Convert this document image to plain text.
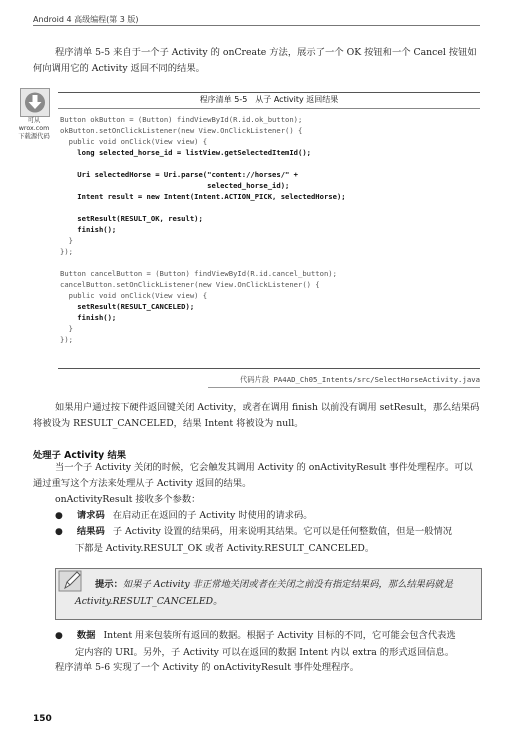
Android 4 高级编程(第 3 版)
程序清单 5-5 来自于一个子 Activity 的 onCreate 方法，展示了一个 OK 按钮和一个 Cancel 按钮如何向调用它的 Activity 返回不同的结果。
可从
wrox.com
下载源代码
程序清单 5-5　从子 Activity 返回结果
Button okButton = (Button) findViewById(R.id.ok_button);
okButton.setOnClickListener(new View.OnClickListener() {
public void onClick(View view) {
long selected_horse_id = listView.getSelectedItemId();

Uri selectedHorse = Uri.parse("content://horses/" +
selected_horse_id);
Intent result = new Intent(Intent.ACTION_PICK, selectedHorse);

setResult(RESULT_OK, result);
finish();
}
});

Button cancelButton = (Button) findViewById(R.id.cancel_button);
cancelButton.setOnClickListener(new View.OnClickListener() {
public void onClick(View view) {
setResult(RESULT_CANCELED);
finish();
}
});

代码片段 PA4AD_Ch05_Intents/src/SelectHorseActivity.java
如果用户通过按下硬件返回键关闭 Activity，或者在调用 finish 以前没有调用 setResult，那么结果码将被设为 RESULT_CANCELED，结果 Intent 将被设为 null。
处理子 Activity 结果
当一个子 Activity 关闭的时候，它会触发其调用 Activity 的 onActivityResult 事件处理程序。可以通过重写这个方法来处理从子 Activity 返回的结果。
onActivityResult 接收多个参数：
● 请求码 在启动正在返回的子 Activity 时使用的请求码。
● 结果码 子 Activity 设置的结果码，用来说明其结果。它可以是任何整数值，但是一般情况
下都是 Activity.RESULT_OK 或者 Activity.RESULT_CANCELED。
提示：如果子 Activity 非正常地关闭或者在关闭之前没有指定结果码，那么结果码就是 Activity.RESULT_CANCELED。
● 数据 Intent 用来包装所有返回的数据。根据子 Activity 目标的不同，它可能会包含代表选
定内容的 URI。另外，子 Activity 可以在返回的数据 Intent 内以 extra 的形式返回信息。
程序清单 5-6 实现了一个 Activity 的 onActivityResult 事件处理程序。
150
